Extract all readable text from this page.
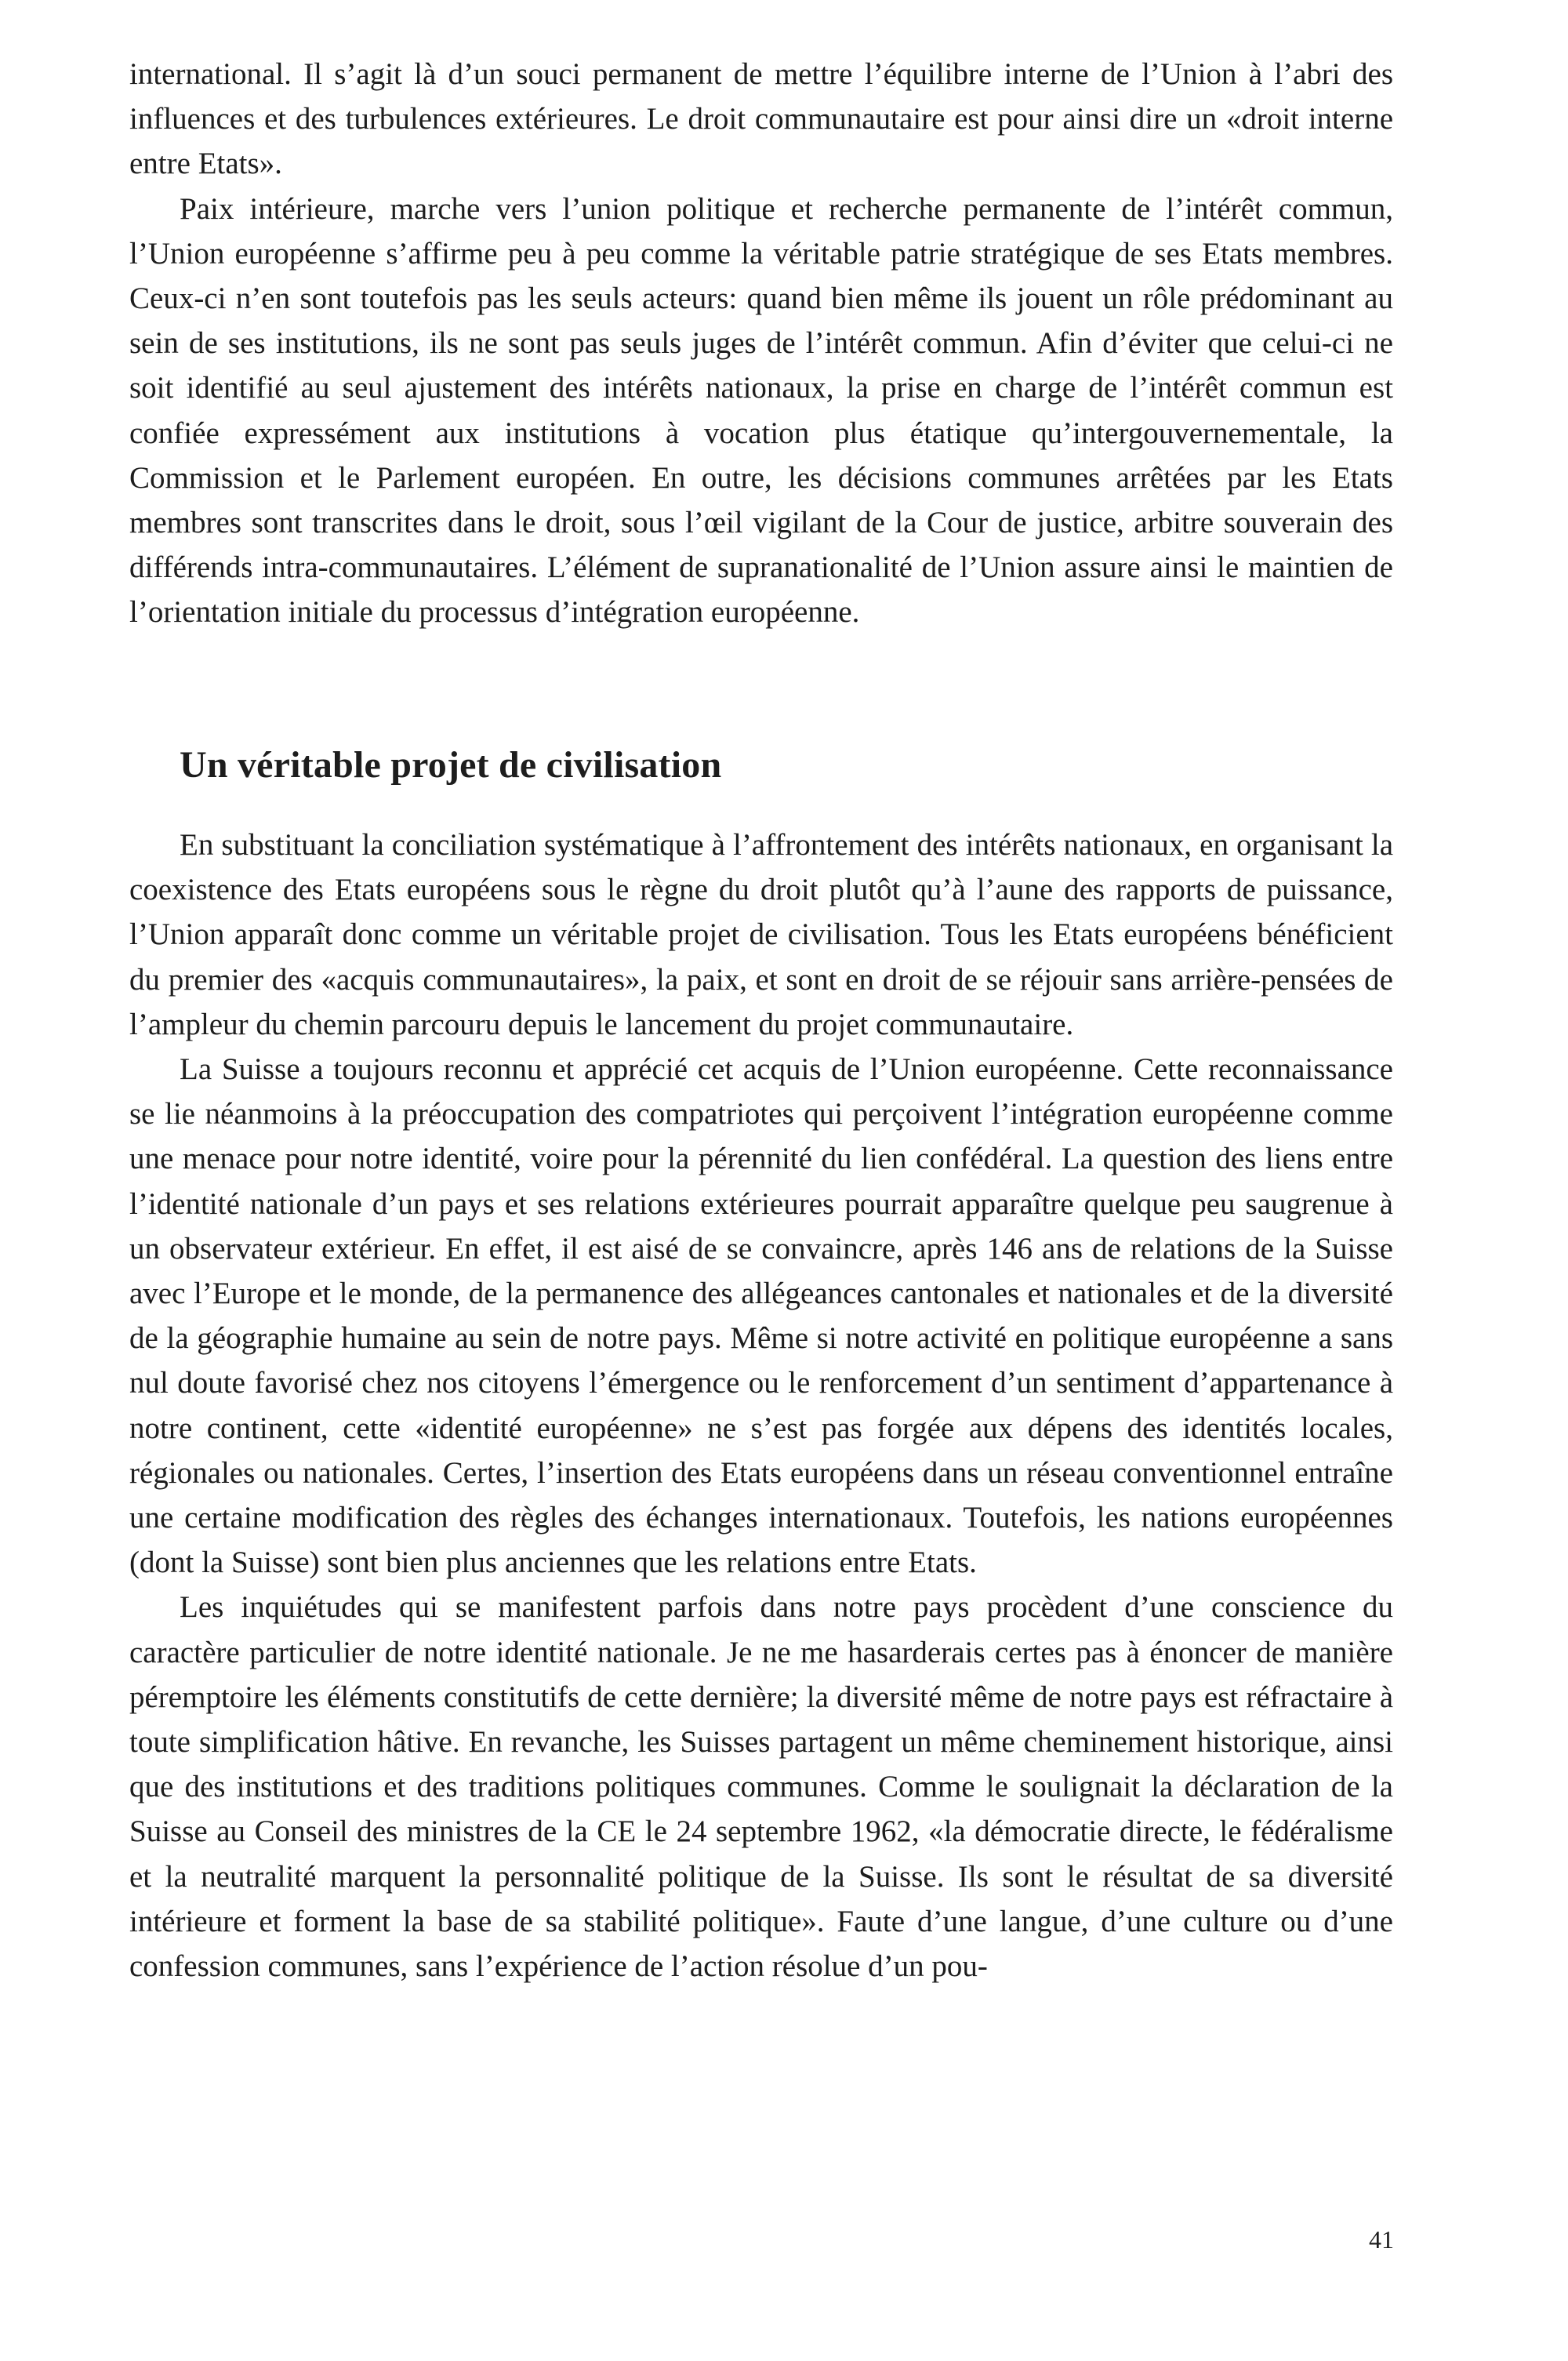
international. Il s’agit là d’un souci permanent de mettre l’équilibre interne de l’Union à l’abri des influences et des turbulences extérieures. Le droit communautaire est pour ainsi dire un «droit interne entre Etats».

Paix intérieure, marche vers l’union politique et recherche permanente de l’intérêt commun, l’Union européenne s’affirme peu à peu comme la véritable patrie stratégique de ses Etats membres. Ceux-ci n’en sont toutefois pas les seuls acteurs: quand bien même ils jouent un rôle prédominant au sein de ses institutions, ils ne sont pas seuls juges de l’intérêt commun. Afin d’éviter que celui-ci ne soit identifié au seul ajustement des intérêts nationaux, la prise en charge de l’intérêt commun est confiée expressément aux institutions à vocation plus étatique qu’intergouvernementale, la Commission et le Parlement européen. En outre, les décisions communes arrêtées par les Etats membres sont transcrites dans le droit, sous l’œil vigilant de la Cour de justice, arbitre souverain des différends intra-communautaires. L’élément de supranationalité de l’Union assure ainsi le maintien de l’orientation initiale du processus d’intégration européenne.

Un véritable projet de civilisation

En substituant la conciliation systématique à l’affrontement des intérêts nationaux, en organisant la coexistence des Etats européens sous le règne du droit plutôt qu’à l’aune des rapports de puissance, l’Union apparaît donc comme un véritable projet de civilisation. Tous les Etats européens bénéficient du premier des «acquis communautaires», la paix, et sont en droit de se réjouir sans arrière-pensées de l’ampleur du chemin parcouru depuis le lancement du projet communautaire.

La Suisse a toujours reconnu et apprécié cet acquis de l’Union européenne. Cette reconnaissance se lie néanmoins à la préoccupation des compatriotes qui perçoivent l’intégration européenne comme une menace pour notre identité, voire pour la pérennité du lien confédéral. La question des liens entre l’identité nationale d’un pays et ses relations extérieures pourrait apparaître quelque peu saugrenue à un observateur extérieur. En effet, il est aisé de se convaincre, après 146 ans de relations de la Suisse avec l’Europe et le monde, de la permanence des allégeances cantonales et nationales et de la diversité de la géographie humaine au sein de notre pays. Même si notre activité en politique européenne a sans nul doute favorisé chez nos citoyens l’émergence ou le renforcement d’un sentiment d’appartenance à notre continent, cette «identité européenne» ne s’est pas forgée aux dépens des identités locales, régionales ou nationales. Certes, l’insertion des Etats européens dans un réseau conventionnel entraîne une certaine modification des règles des échanges internationaux. Toutefois, les nations européennes (dont la Suisse) sont bien plus anciennes que les relations entre Etats.

Les inquiétudes qui se manifestent parfois dans notre pays procèdent d’une conscience du caractère particulier de notre identité nationale. Je ne me hasarderais certes pas à énoncer de manière péremptoire les éléments constitutifs de cette dernière; la diversité même de notre pays est réfractaire à toute simplification hâtive. En revanche, les Suisses partagent un même cheminement historique, ainsi que des institutions et des traditions politiques communes. Comme le soulignait la déclaration de la Suisse au Conseil des ministres de la CE le 24 septembre 1962, «la démocratie directe, le fédéralisme et la neutralité marquent la personnalité politique de la Suisse. Ils sont le résultat de sa diversité intérieure et forment la base de sa stabilité politique». Faute d’une langue, d’une culture ou d’une confession communes, sans l’expérience de l’action résolue d’un pou-

41
